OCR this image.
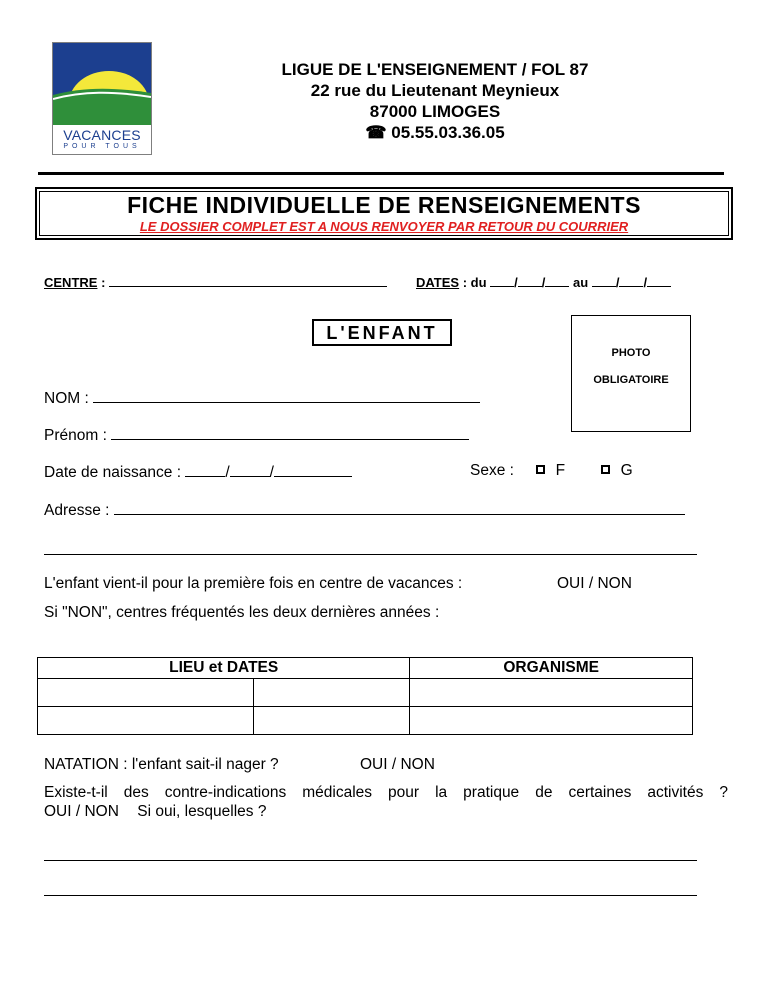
VACANCES
POUR TOUS
LIGUE DE L'ENSEIGNEMENT / FOL 87
22 rue du Lieutenant Meynieux
87000 LIMOGES
☎ 05.55.03.36.05
FICHE INDIVIDUELLE DE RENSEIGNEMENTS
LE DOSSIER COMPLET EST A NOUS RENVOYER PAR RETOUR DU COURRIER
CENTRE :	DATES : du / / au / /
L'ENFANT
PHOTO
OBLIGATOIRE
NOM :
Prénom :
Date de naissance :	/	/	Sexe :  F	G
Adresse :
L'enfant vient-il pour la première fois en centre de vacances :	OUI / NON
Si "NON", centres fréquentés les deux dernières années :
LIEU et DATES		ORGANISME

NATATION : l'enfant sait-il nager ?	OUI / NON
Existe-t-il des contre-indications médicales pour la pratique de certaines activités ?
OUI / NON Si oui, lesquelles ?
